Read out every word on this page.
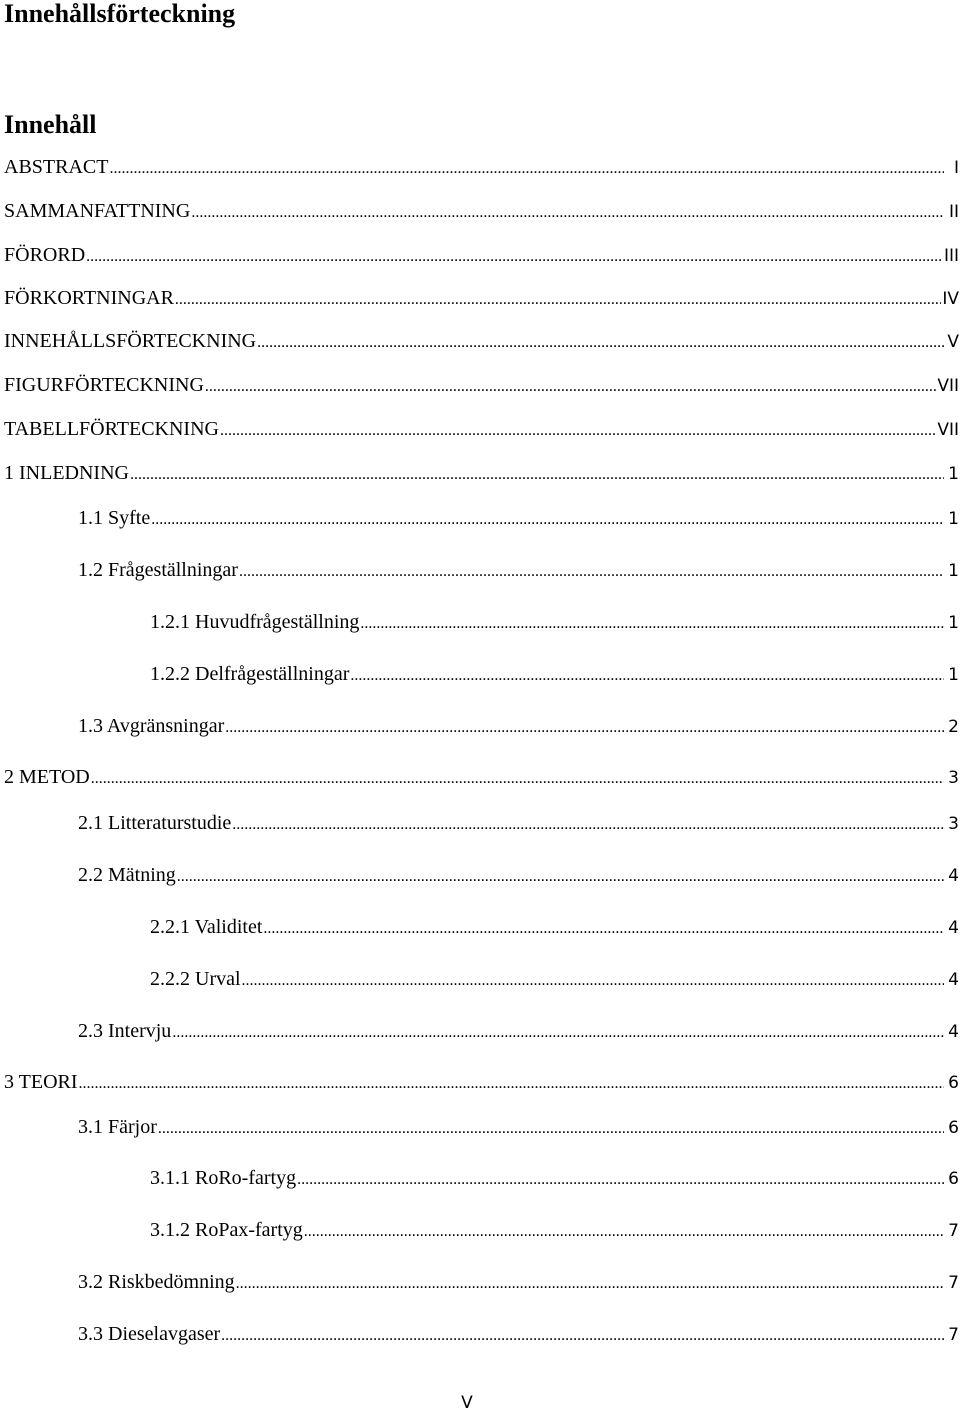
Innehållsförteckning
Innehåll
ABSTRACT .....	I
SAMMANFATTNING .....	II
FÖRORD .....	III
FÖRKORTNINGAR .....	IV
INNEHÅLLSFÖRTECKNING .....	V
FIGURFÖRTECKNING .....	VII
TABELLFÖRTECKNING .....	VII
1 INLEDNING .....	1
1.1 Syfte .....	1
1.2 Frågeställningar .....	1
1.2.1 Huvudfrågeställning .....	1
1.2.2 Delfrågeställningar .....	1
1.3 Avgränsningar .....	2
2 METOD .....	3
2.1 Litteraturstudie .....	3
2.2 Mätning .....	4
2.2.1 Validitet .....	4
2.2.2 Urval .....	4
2.3 Intervju .....	4
3 TEORI .....	6
3.1 Färjor .....	6
3.1.1 RoRo-fartyg .....	6
3.1.2 RoPax-fartyg .....	7
3.2 Riskbedömning .....	7
3.3 Dieselavgaser .....	7
V
